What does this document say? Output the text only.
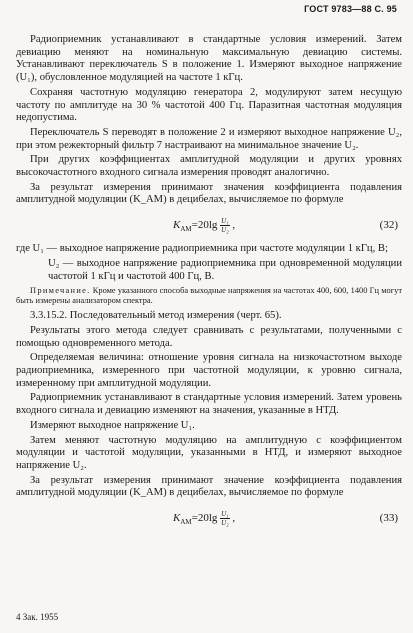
ГОСТ 9783—88 С. 95

Радиоприемник устанавливают в стандартные условия измерений. Затем девиацию меняют на номинальную максимальную девиацию системы. Устанавливают переключатель S в положение 1. Измеряют выходное напряжение (U₁), обусловленное модуляцией на частоте 1 кГц.

Сохраняя частотную модуляцию генератора 2, модулируют затем несущую частоту по амплитуде на 30 % частотой 400 Гц. Паразитная частотная модуляция недопустима.

Переключатель S переводят в положение 2 и измеряют выходное напряжение U₂, при этом режекторный фильтр 7 настраивают на минимальное значение U₂.

При других коэффициентах амплитудной модуляции и других уровнях высокочастотного входного сигнала измерения проводят аналогично.

За результат измерения принимают значения коэффициента подавления амплитудной модуляции (K_АМ) в децибелах, вычисляемое по формуле

$K_{АМ}=20\lg \frac{\text{U₁}}{\text{U₂}}$ ,	(32)

где U₁ — выходное напряжение радиоприемника при частоте модуляции 1 кГц, В;

U₂ — выходное напряжение радиоприемника при одновременной модуляции частотой 1 кГц и частотой 400 Гц, В.

Примечание. Кроме указанного способа выходные напряжения на частотах 400, 600, 1400 Гц могут быть измерены анализатором спектра.

3.3.15.2. Последовательный метод измерения (черт. 65).

Результаты этого метода следует сравнивать с результатами, полученными с помощью одновременного метода.

Определяемая величина: отношение уровня сигнала на низкочастотном выходе радиоприемника, измеренного при частотной модуляции, к уровню сигнала, измеренному при амплитудной модуляции.

Радиоприемник устанавливают в стандартные условия измерений. Затем уровень входного сигнала и девиацию изменяют на значения, указанные в НТД.

Измеряют выходное напряжение U₁.

Затем меняют частотную модуляцию на амплитудную с коэффициентом модуляции и частотой модуляции, указанными в НТД, и измеряют выходное напряжение U₂.

За результат измерения принимают значение коэффициента подавления амплитудной модуляции (K_АМ) в децибелах, вычисляемое по формуле

$K_{АМ}=20\lg \frac{\text{U₁}}{\text{U₂}}$ ,	(33)
4 Зак. 1955
